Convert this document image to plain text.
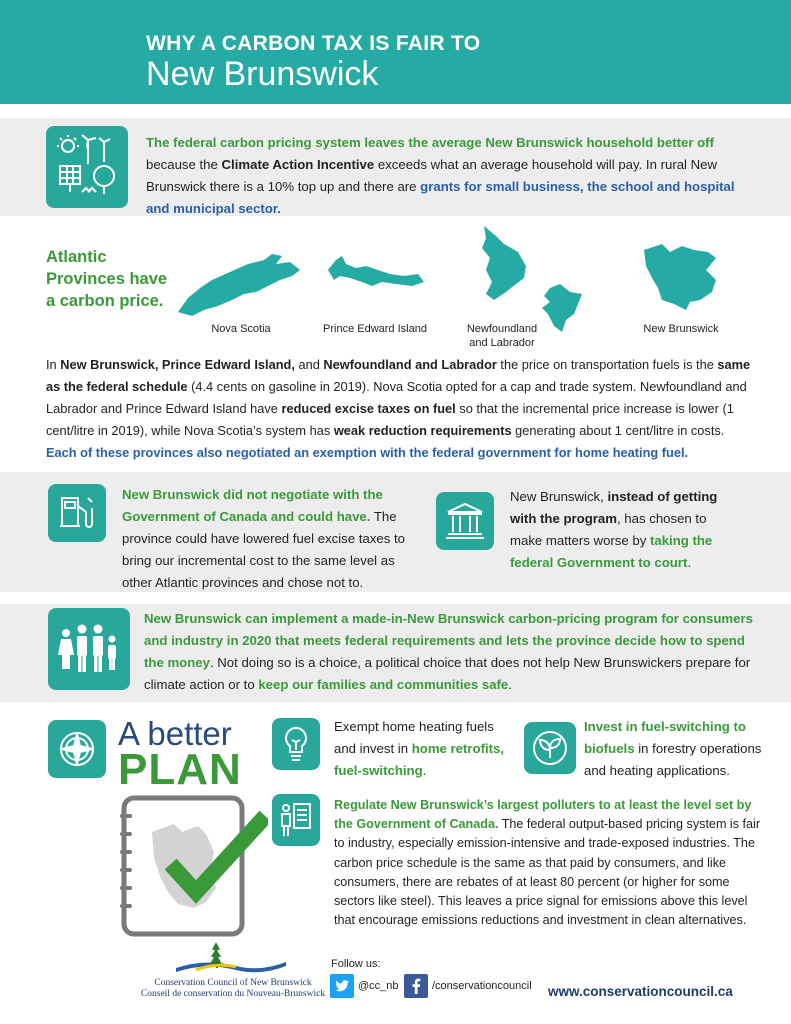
WHY A CARBON TAX IS FAIR TO
New Brunswick
The federal carbon pricing system leaves the average New Brunswick household better off because the Climate Action Incentive exceeds what an average household will pay. In rural New Brunswick there is a 10% top up and there are grants for small business, the school and hospital and municipal sector.
Atlantic
Provinces have
a carbon price.
Nova Scotia	Prince Edward Island	Newfoundland
and Labrador
New Brunswick
In New Brunswick, Prince Edward Island, and Newfoundland and Labrador the price on transportation fuels is the same as the federal schedule (4.4 cents on gasoline in 2019). Nova Scotia opted for a cap and trade system. Newfoundland and Labrador and Prince Edward Island have reduced excise taxes on fuel so that the incremental price increase is lower (1 cent/litre in 2019), while Nova Scotia’s system has weak reduction requirements generating about 1 cent/litre in costs.
Each of these provinces also negotiated an exemption with the federal government for home heating fuel.
New Brunswick did not negotiate with the Government of Canada and could have. The province could have lowered fuel excise taxes to bring our incremental cost to the same level as other Atlantic provinces and chose not to.
New Brunswick, instead of getting with the program, has chosen to make matters worse by taking the federal Government to court.
New Brunswick can implement a made-in-New Brunswick carbon-pricing program for consumers and industry in 2020 that meets federal requirements and lets the province decide how to spend the money. Not doing so is a choice, a political choice that does not help New Brunswickers prepare for climate action or to keep our families and communities safe.
A better
PLAN
Exempt home heating fuels and invest in home retrofits, fuel-switching.
Invest in fuel-switching to biofuels in forestry operations and heating applications.
Regulate New Brunswick’s largest polluters to at least the level set by the Government of Canada. The federal output-based pricing system is fair to industry, especially emission-intensive and trade-exposed industries. The carbon price schedule is the same as that paid by consumers, and like consumers, there are rebates of at least 80 percent (or higher for some sectors like steel). This leaves a price signal for emissions above this level that encourage emissions reductions and investment in clean alternatives.
Conservation Council of New Brunswick
Conseil de conservation du Nouveau-Brunswick
Follow us:
@cc_nb	/conservationcouncil www.conservationcouncil.ca
